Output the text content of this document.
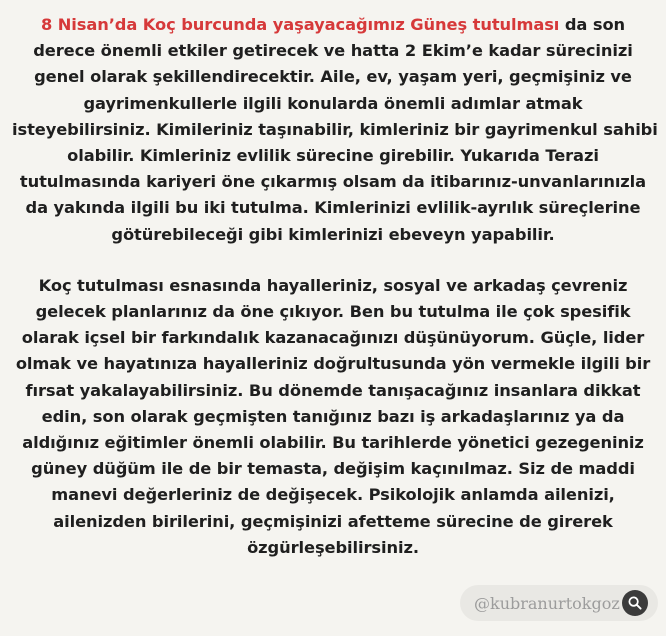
8 Nisan’da Koç burcunda yaşayacağımız Güneş tutulması da son
derece önemli etkiler getirecek ve hatta 2 Ekim’e kadar sürecinizi
genel olarak şekillendirecektir. Aile, ev, yaşam yeri, geçmişiniz ve
gayrimenkullerle ilgili konularda önemli adımlar atmak
isteyebilirsiniz. Kimileriniz taşınabilir, kimleriniz bir gayrimenkul sahibi
olabilir. Kimleriniz evlilik sürecine girebilir. Yukarıda Terazi
tutulmasında kariyeri öne çıkarmış olsam da itibarınız-unvanlarınızla
da yakında ilgili bu iki tutulma. Kimlerinizi evlilik-ayrılık süreçlerine
götürebileceği gibi kimlerinizi ebeveyn yapabilir.

Koç tutulması esnasında hayalleriniz, sosyal ve arkadaş çevreniz
gelecek planlarınız da öne çıkıyor. Ben bu tutulma ile çok spesifik
olarak içsel bir farkındalık kazanacağınızı düşünüyorum. Güçle, lider
olmak ve hayatınıza hayalleriniz doğrultusunda yön vermekle ilgili bir
fırsat yakalayabilirsiniz. Bu dönemde tanışacağınız insanlara dikkat
edin, son olarak geçmişten tanığınız bazı iş arkadaşlarınız ya da
aldığınız eğitimler önemli olabilir. Bu tarihlerde yönetici gezegeniniz
güney düğüm ile de bir temasta, değişim kaçınılmaz. Siz de maddi
manevi değerleriniz de değişecek. Psikolojik anlamda ailenizi,
ailenizden birilerini, geçmişinizi afetteme sürecine de girerek
özgürleşebilirsiniz.

@kubranurtokgoz
